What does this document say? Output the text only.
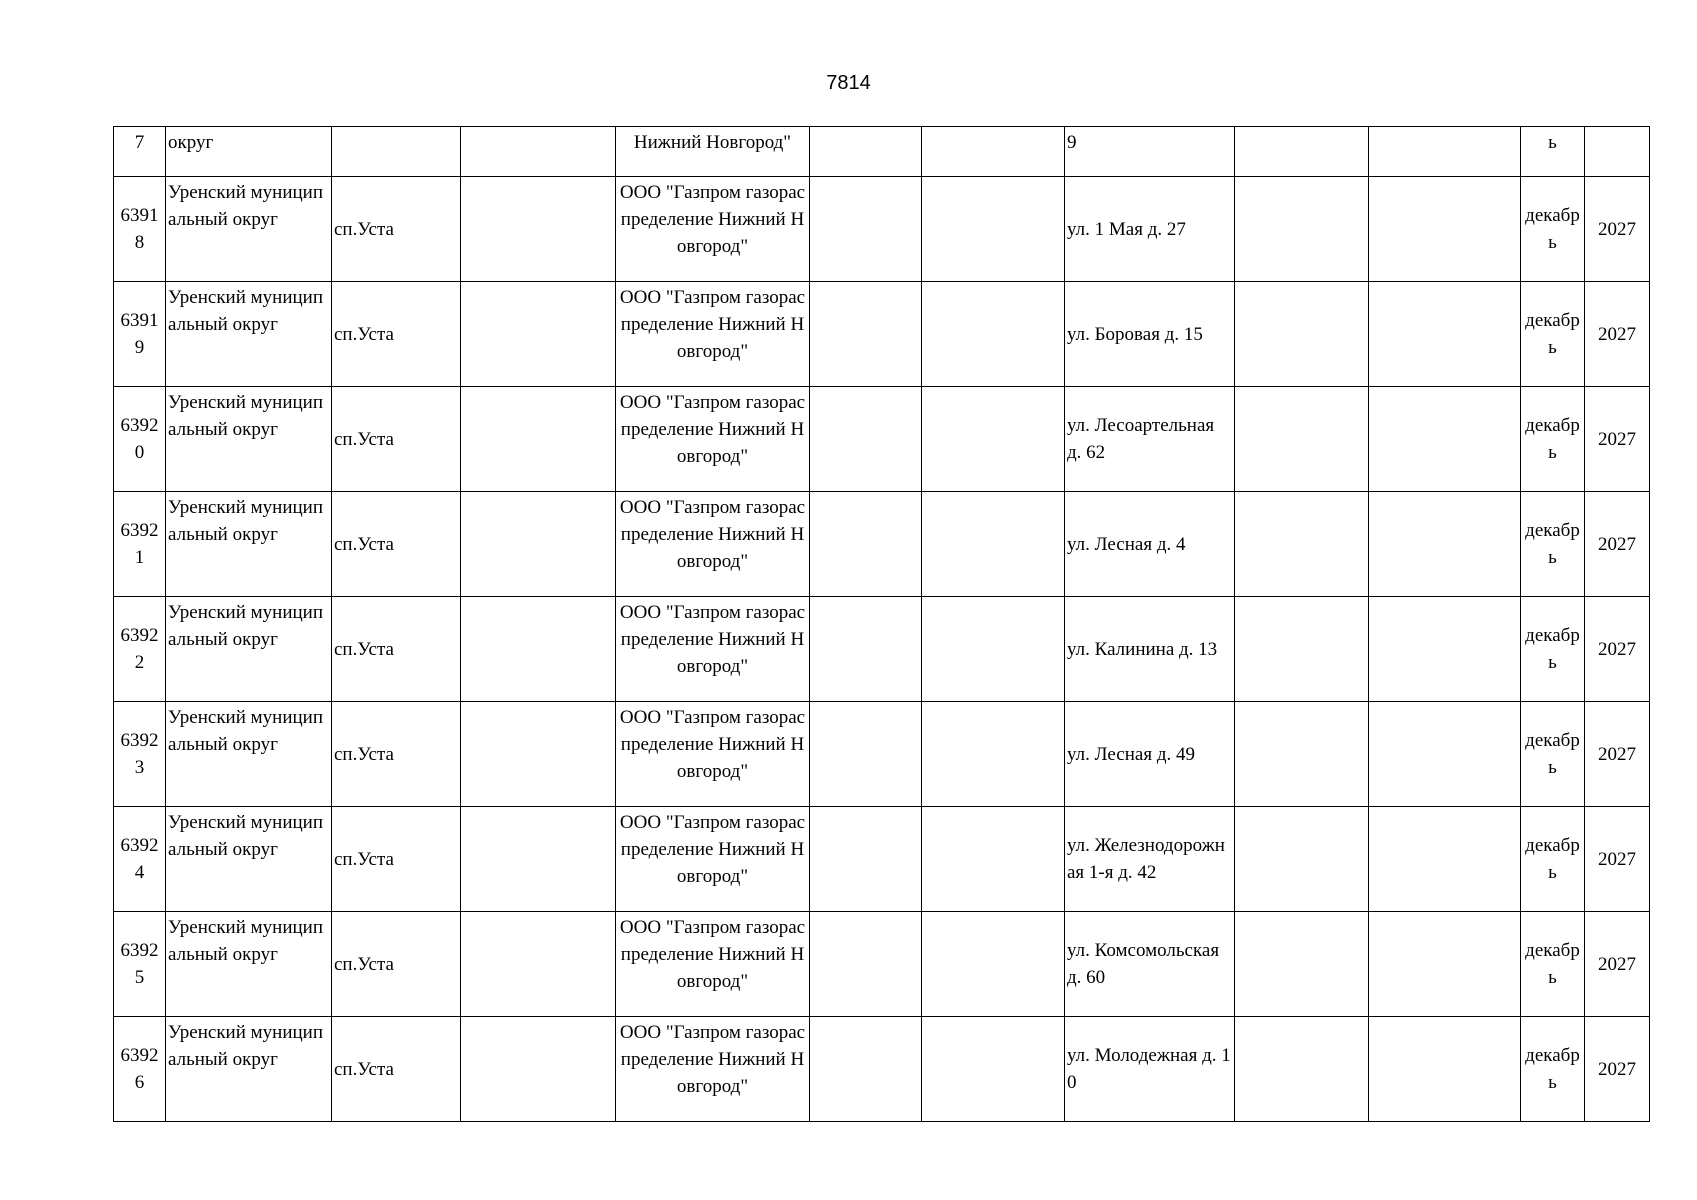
7814
7	округ			Нижний Новгород"			9			ь	
63918	Уренский муниципальный округ	сп.Уста		ООО "Газпром газораспределение Нижний Новгород"			ул. 1 Мая д. 27			декабрь	2027
63919	Уренский муниципальный округ	сп.Уста		ООО "Газпром газораспределение Нижний Новгород"			ул. Боровая д. 15			декабрь	2027
63920	Уренский муниципальный округ	сп.Уста		ООО "Газпром газораспределение Нижний Новгород"			ул. Лесоартельная д. 62			декабрь	2027
63921	Уренский муниципальный округ	сп.Уста		ООО "Газпром газораспределение Нижний Новгород"			ул. Лесная д. 4			декабрь	2027
63922	Уренский муниципальный округ	сп.Уста		ООО "Газпром газораспределение Нижний Новгород"			ул. Калинина д. 13			декабрь	2027
63923	Уренский муниципальный округ	сп.Уста		ООО "Газпром газораспределение Нижний Новгород"			ул. Лесная д. 49			декабрь	2027
63924	Уренский муниципальный округ	сп.Уста		ООО "Газпром газораспределение Нижний Новгород"			ул. Железнодорожная 1-я д. 42			декабрь	2027
63925	Уренский муниципальный округ	сп.Уста		ООО "Газпром газораспределение Нижний Новгород"			ул. Комсомольская д. 60			декабрь	2027
63926	Уренский муниципальный округ	сп.Уста		ООО "Газпром газораспределение Нижний Новгород"			ул. Молодежная д. 10			декабрь	2027
